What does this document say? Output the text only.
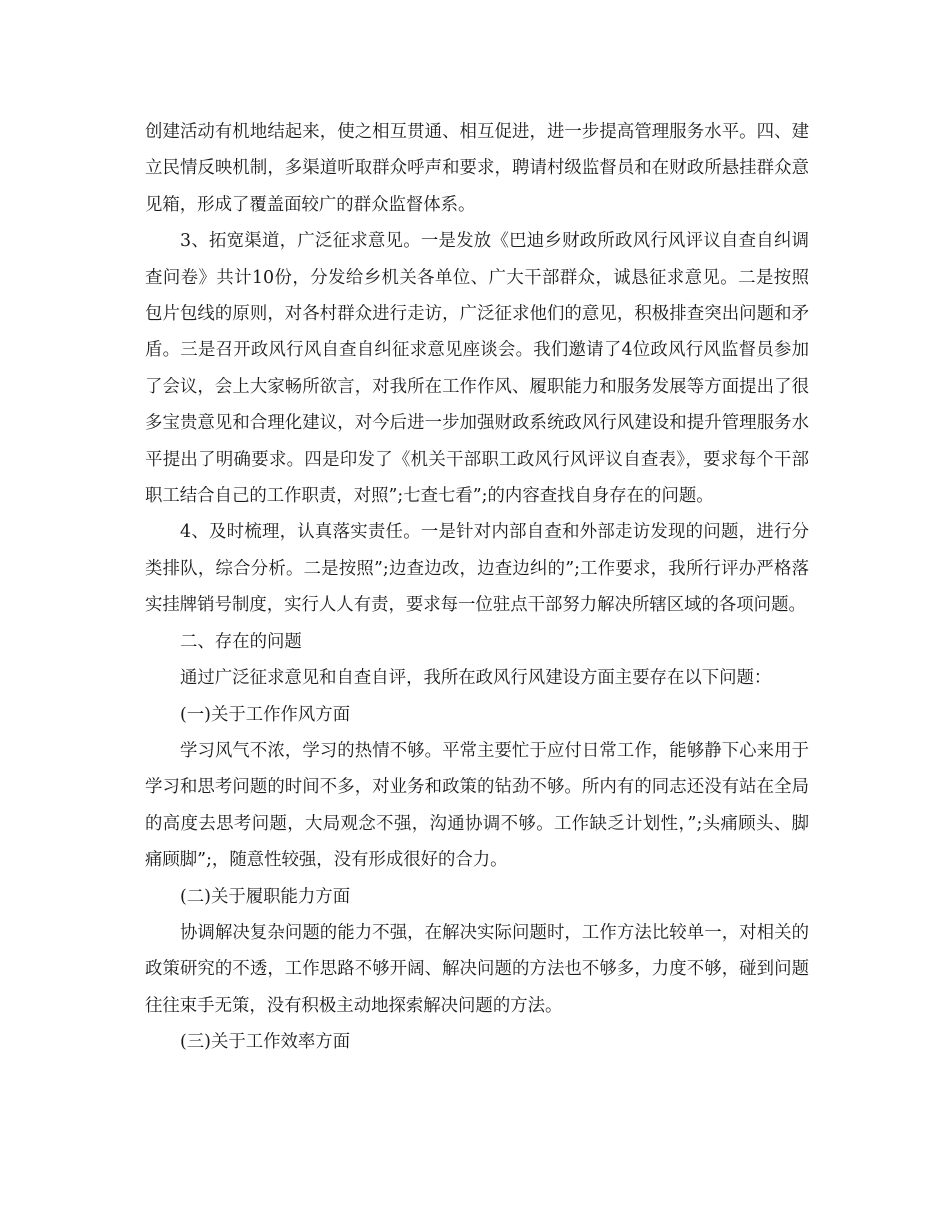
创建活动有机地结起来，使之相互贯通、相互促进，进一步提高管理服务水平。四、建立民情反映机制，多渠道听取群众呼声和要求，聘请村级监督员和在财政所悬挂群众意见箱，形成了覆盖面较广的群众监督体系。

3、拓宽渠道，广泛征求意见。一是发放《巴迪乡财政所政风行风评议自查自纠调查问卷》共计10份，分发给乡机关各单位、广大干部群众，诚恳征求意见。二是按照包片包线的原则，对各村群众进行走访，广泛征求他们的意见，积极排查突出问题和矛盾。三是召开政风行风自查自纠征求意见座谈会。我们邀请了4位政风行风监督员参加了会议，会上大家畅所欲言，对我所在工作作风、履职能力和服务发展等方面提出了很多宝贵意见和合理化建议，对今后进一步加强财政系统政风行风建设和提升管理服务水平提出了明确要求。四是印发了《机关干部职工政风行风评议自查表》，要求每个干部职工结合自己的工作职责，对照”;七查七看”;的内容查找自身存在的问题。

4、及时梳理，认真落实责任。一是针对内部自查和外部走访发现的问题，进行分类排队，综合分析。二是按照”;边查边改，边查边纠的”;工作要求，我所行评办严格落实挂牌销号制度，实行人人有责，要求每一位驻点干部努力解决所辖区域的各项问题。

二、存在的问题

通过广泛征求意见和自查自评，我所在政风行风建设方面主要存在以下问题：

(一)关于工作作风方面

学习风气不浓，学习的热情不够。平常主要忙于应付日常工作，能够静下心来用于学习和思考问题的时间不多，对业务和政策的钻劲不够。所内有的同志还没有站在全局的高度去思考问题，大局观念不强，沟通协调不够。工作缺乏计划性，”;头痛顾头、脚痛顾脚”;，随意性较强，没有形成很好的合力。

(二)关于履职能力方面

协调解决复杂问题的能力不强，在解决实际问题时，工作方法比较单一，对相关的政策研究的不透，工作思路不够开阔、解决问题的方法也不够多，力度不够，碰到问题往往束手无策，没有积极主动地探索解决问题的方法。

(三)关于工作效率方面
